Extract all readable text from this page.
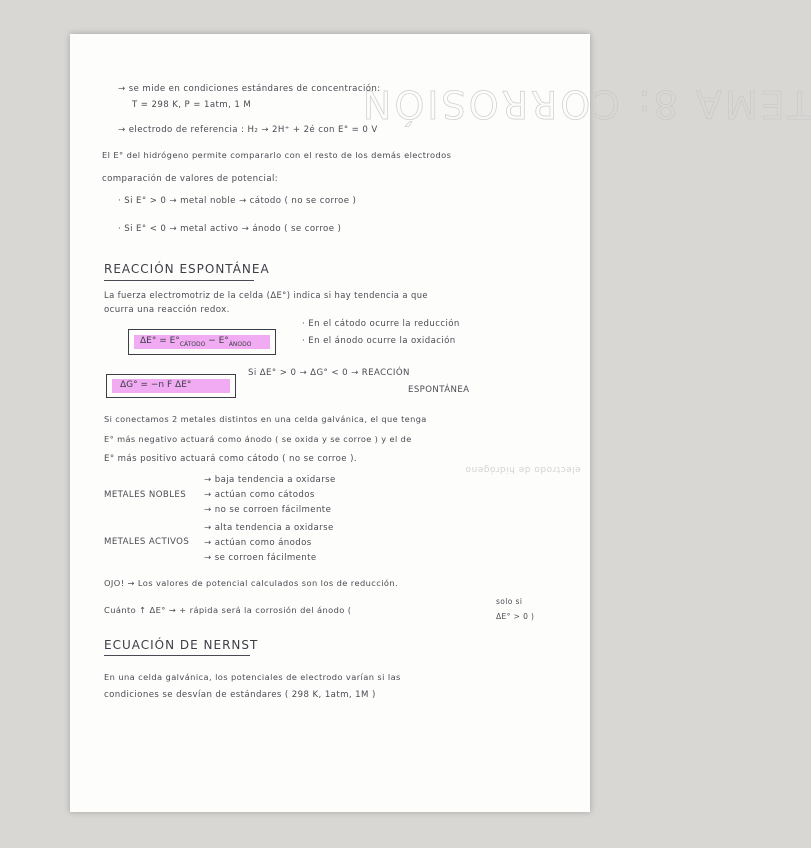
TEMA 8: CORROSIÓN
electrodo de hidrógeno
→ se mide en condiciones estándares de concentración:
T = 298 K, P = 1atm, 1 M
→ electrodo de referencia : H₂ → 2H⁺ + 2é con E° = 0 V
El E° del hidrógeno permite compararlo con el resto de los demás electrodos
comparación de valores de potencial:
· Si E° > 0 → metal noble → cátodo ( no se corroe )
· Si E° < 0 → metal activo → ánodo ( se corroe )
REACCIÓN ESPONTÁNEA
La fuerza electromotriz de la celda (ΔE°) indica si hay tendencia a que
ocurra una reacción redox.
· En el cátodo ocurre la reducción
· En el ánodo ocurre la oxidación
$\Delta E^\circ = E^\circ_{CÁTODO} - E^\circ_{ÁNODO}$
ΔG° = −n F ΔE°
Si ΔE° > 0 → ΔG° < 0 → REACCIÓN
ESPONTÁNEA
Si conectamos 2 metales distintos en una celda galvánica, el que tenga
E° más negativo actuará como ánodo ( se oxida y se corroe ) y el de
E° más positivo actuará como cátodo ( no se corroe ).
METALES NOBLES
→ baja tendencia a oxidarse
→ actúan como cátodos
→ no se corroen fácilmente
METALES ACTIVOS
→ alta tendencia a oxidarse
→ actúan como ánodos
→ se corroen fácilmente
OJO! → Los valores de potencial calculados son los de reducción.
Cuánto ↑ ΔE° → + rápida será la corrosión del ánodo (
solo si
ΔE° > 0 )
ECUACIÓN DE NERNST
En una celda galvánica, los potenciales de electrodo varían si las
condiciones se desvían de estándares ( 298 K, 1atm, 1M )
